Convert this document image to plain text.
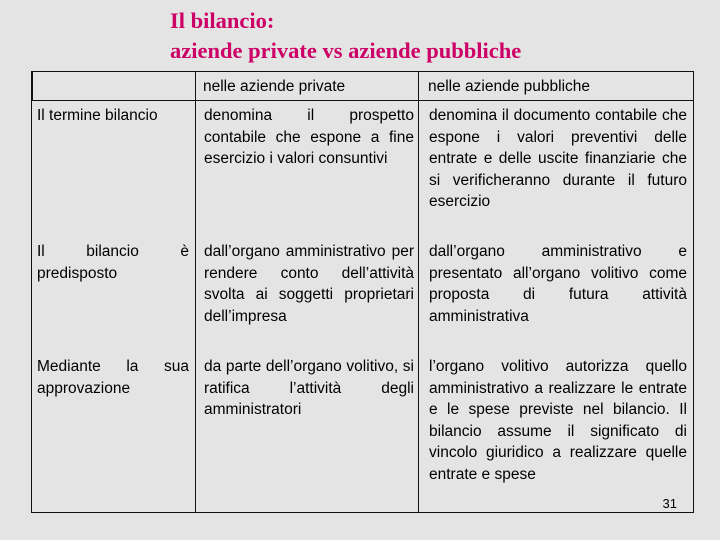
Il bilancio:
aziende private vs aziende pubbliche
nelle aziende private	nelle aziende pubbliche
Il termine bilancio	denomina il prospetto contabile che espone a fine esercizio i valori consuntivi
denomina il documento contabile che espone i valori preventivi delle entrate e delle uscite finanziarie che si verificheranno durante il futuro esercizio
Il bilancio è predisposto
dall’organo amministrativo per rendere conto dell’attività svolta ai soggetti proprietari dell’impresa
dall’organo amministrativo e presentato all’organo volitivo come proposta di futura attività amministrativa
Mediante la sua approvazione
da parte dell’organo volitivo, si ratifica l’attività degli amministratori
l’organo volitivo autorizza quello amministrativo a realizzare le entrate e le spese previste nel bilancio. Il bilancio assume il significato di vincolo giuridico a realizzare quelle entrate e spese
31
